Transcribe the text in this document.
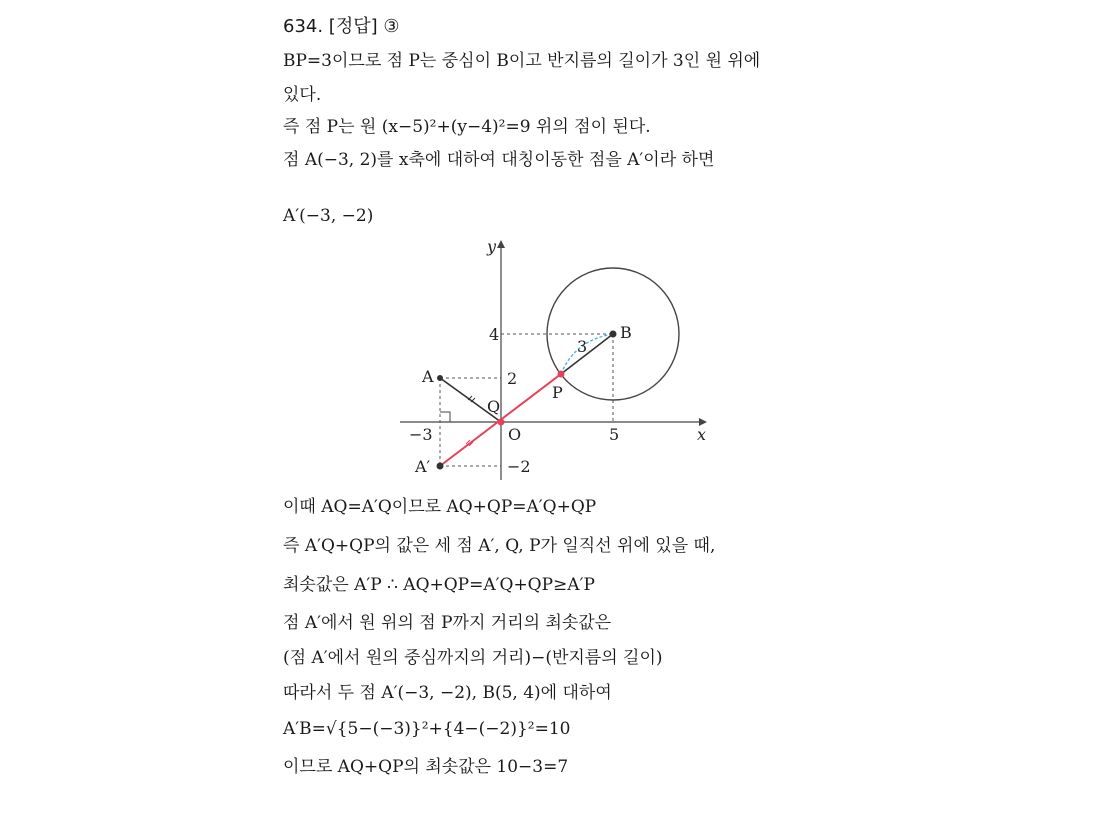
634. [정답] ③
BP=3이므로 점 P는 중심이 B이고 반지름의 길이가 3인 원 위에
있다.
즉 점 P는 원 (x−5)²+(y−4)²=9 위의 점이 된다.
점 A(−3, 2)를 x축에 대하여 대칭이동한 점을 A′이라 하면
A′(−3, −2)
y
x
O
−3	5
4
2
−2
A
A′
Q
P
B
3
이때 AQ=A′Q이므로 AQ+QP=A′Q+QP
즉 A′Q+QP의 값은 세 점 A′, Q, P가 일직선 위에 있을 때,
최솟값은 A′P ∴ AQ+QP=A′Q+QP≥A′P
점 A′에서 원 위의 점 P까지 거리의 최솟값은
(점 A′에서 원의 중심까지의 거리)−(반지름의 길이)
따라서 두 점 A′(−3, −2), B(5, 4)에 대하여
A′B=√{5−(−3)}²+{4−(−2)}²=10
이므로 AQ+QP의 최솟값은 10−3=7
